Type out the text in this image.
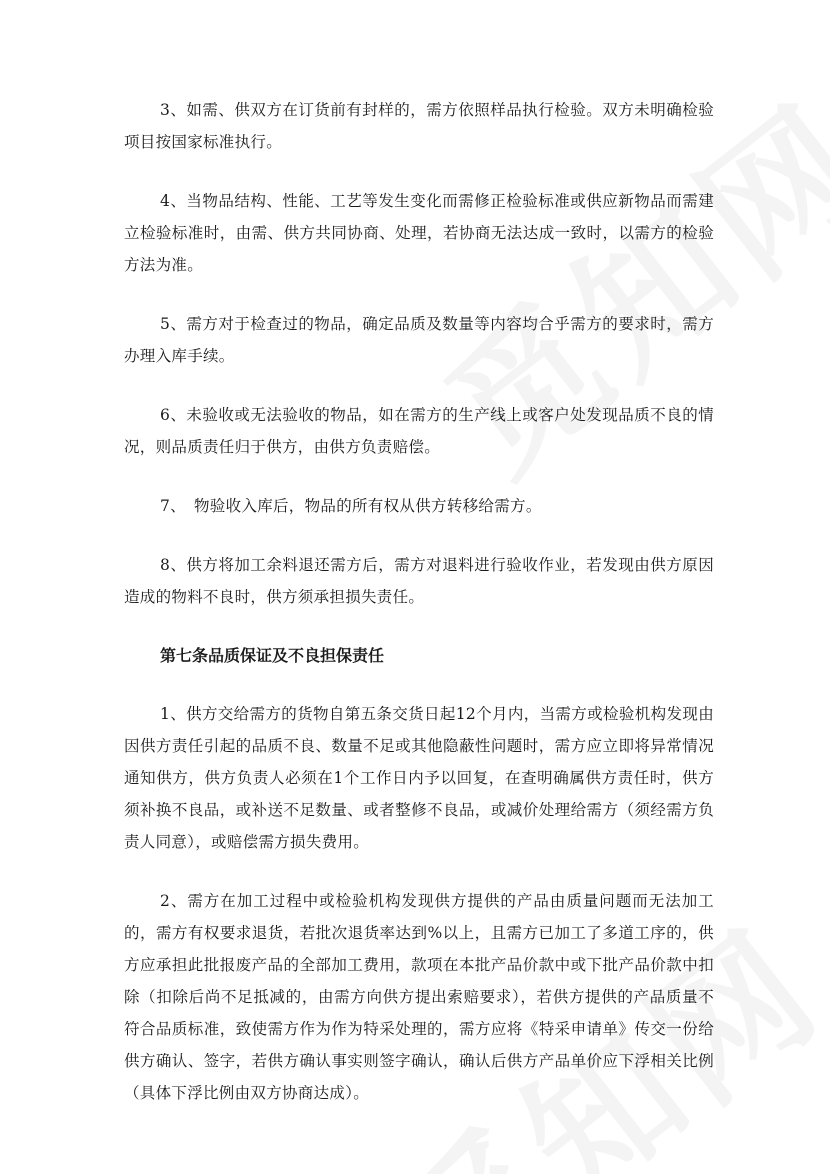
3、如需、供双方在订货前有封样的，需方依照样品执行检验。双方未明确检验项目按国家标准执行。

4、当物品结构、性能、工艺等发生变化而需修正检验标准或供应新物品而需建立检验标准时，由需、供方共同协商、处理，若协商无法达成一致时，以需方的检验方法为准。

5、需方对于检查过的物品，确定品质及数量等内容均合乎需方的要求时，需方办理入库手续。

6、未验收或无法验收的物品，如在需方的生产线上或客户处发现品质不良的情况，则品质责任归于供方，由供方负责赔偿。

7、　物验收入库后，物品的所有权从供方转移给需方。

8、供方将加工余料退还需方后，需方对退料进行验收作业，若发现由供方原因造成的物料不良时，供方须承担损失责任。

第七条品质保证及不良担保责任

1、供方交给需方的货物自第五条交货日起12个月内，当需方或检验机构发现由因供方责任引起的品质不良、数量不足或其他隐蔽性问题时，需方应立即将异常情况通知供方，供方负责人必须在1个工作日内予以回复，在查明确属供方责任时，供方须补换不良品，或补送不足数量、或者整修不良品，或减价处理给需方（须经需方负责人同意），或赔偿需方损失费用。

2、需方在加工过程中或检验机构发现供方提供的产品由质量问题而无法加工的，需方有权要求退货，若批次退货率达到%以上，且需方已加工了多道工序的，供方应承担此批报废产品的全部加工费用，款项在本批产品价款中或下批产品价款中扣除（扣除后尚不足抵减的，由需方向供方提出索赔要求），若供方提供的产品质量不符合品质标准，致使需方作为作为特采处理的，需方应将《特采申请单》传交一份给供方确认、签字，若供方确认事实则签字确认，确认后供方产品单价应下浮相关比例（具体下浮比例由双方协商达成）。
